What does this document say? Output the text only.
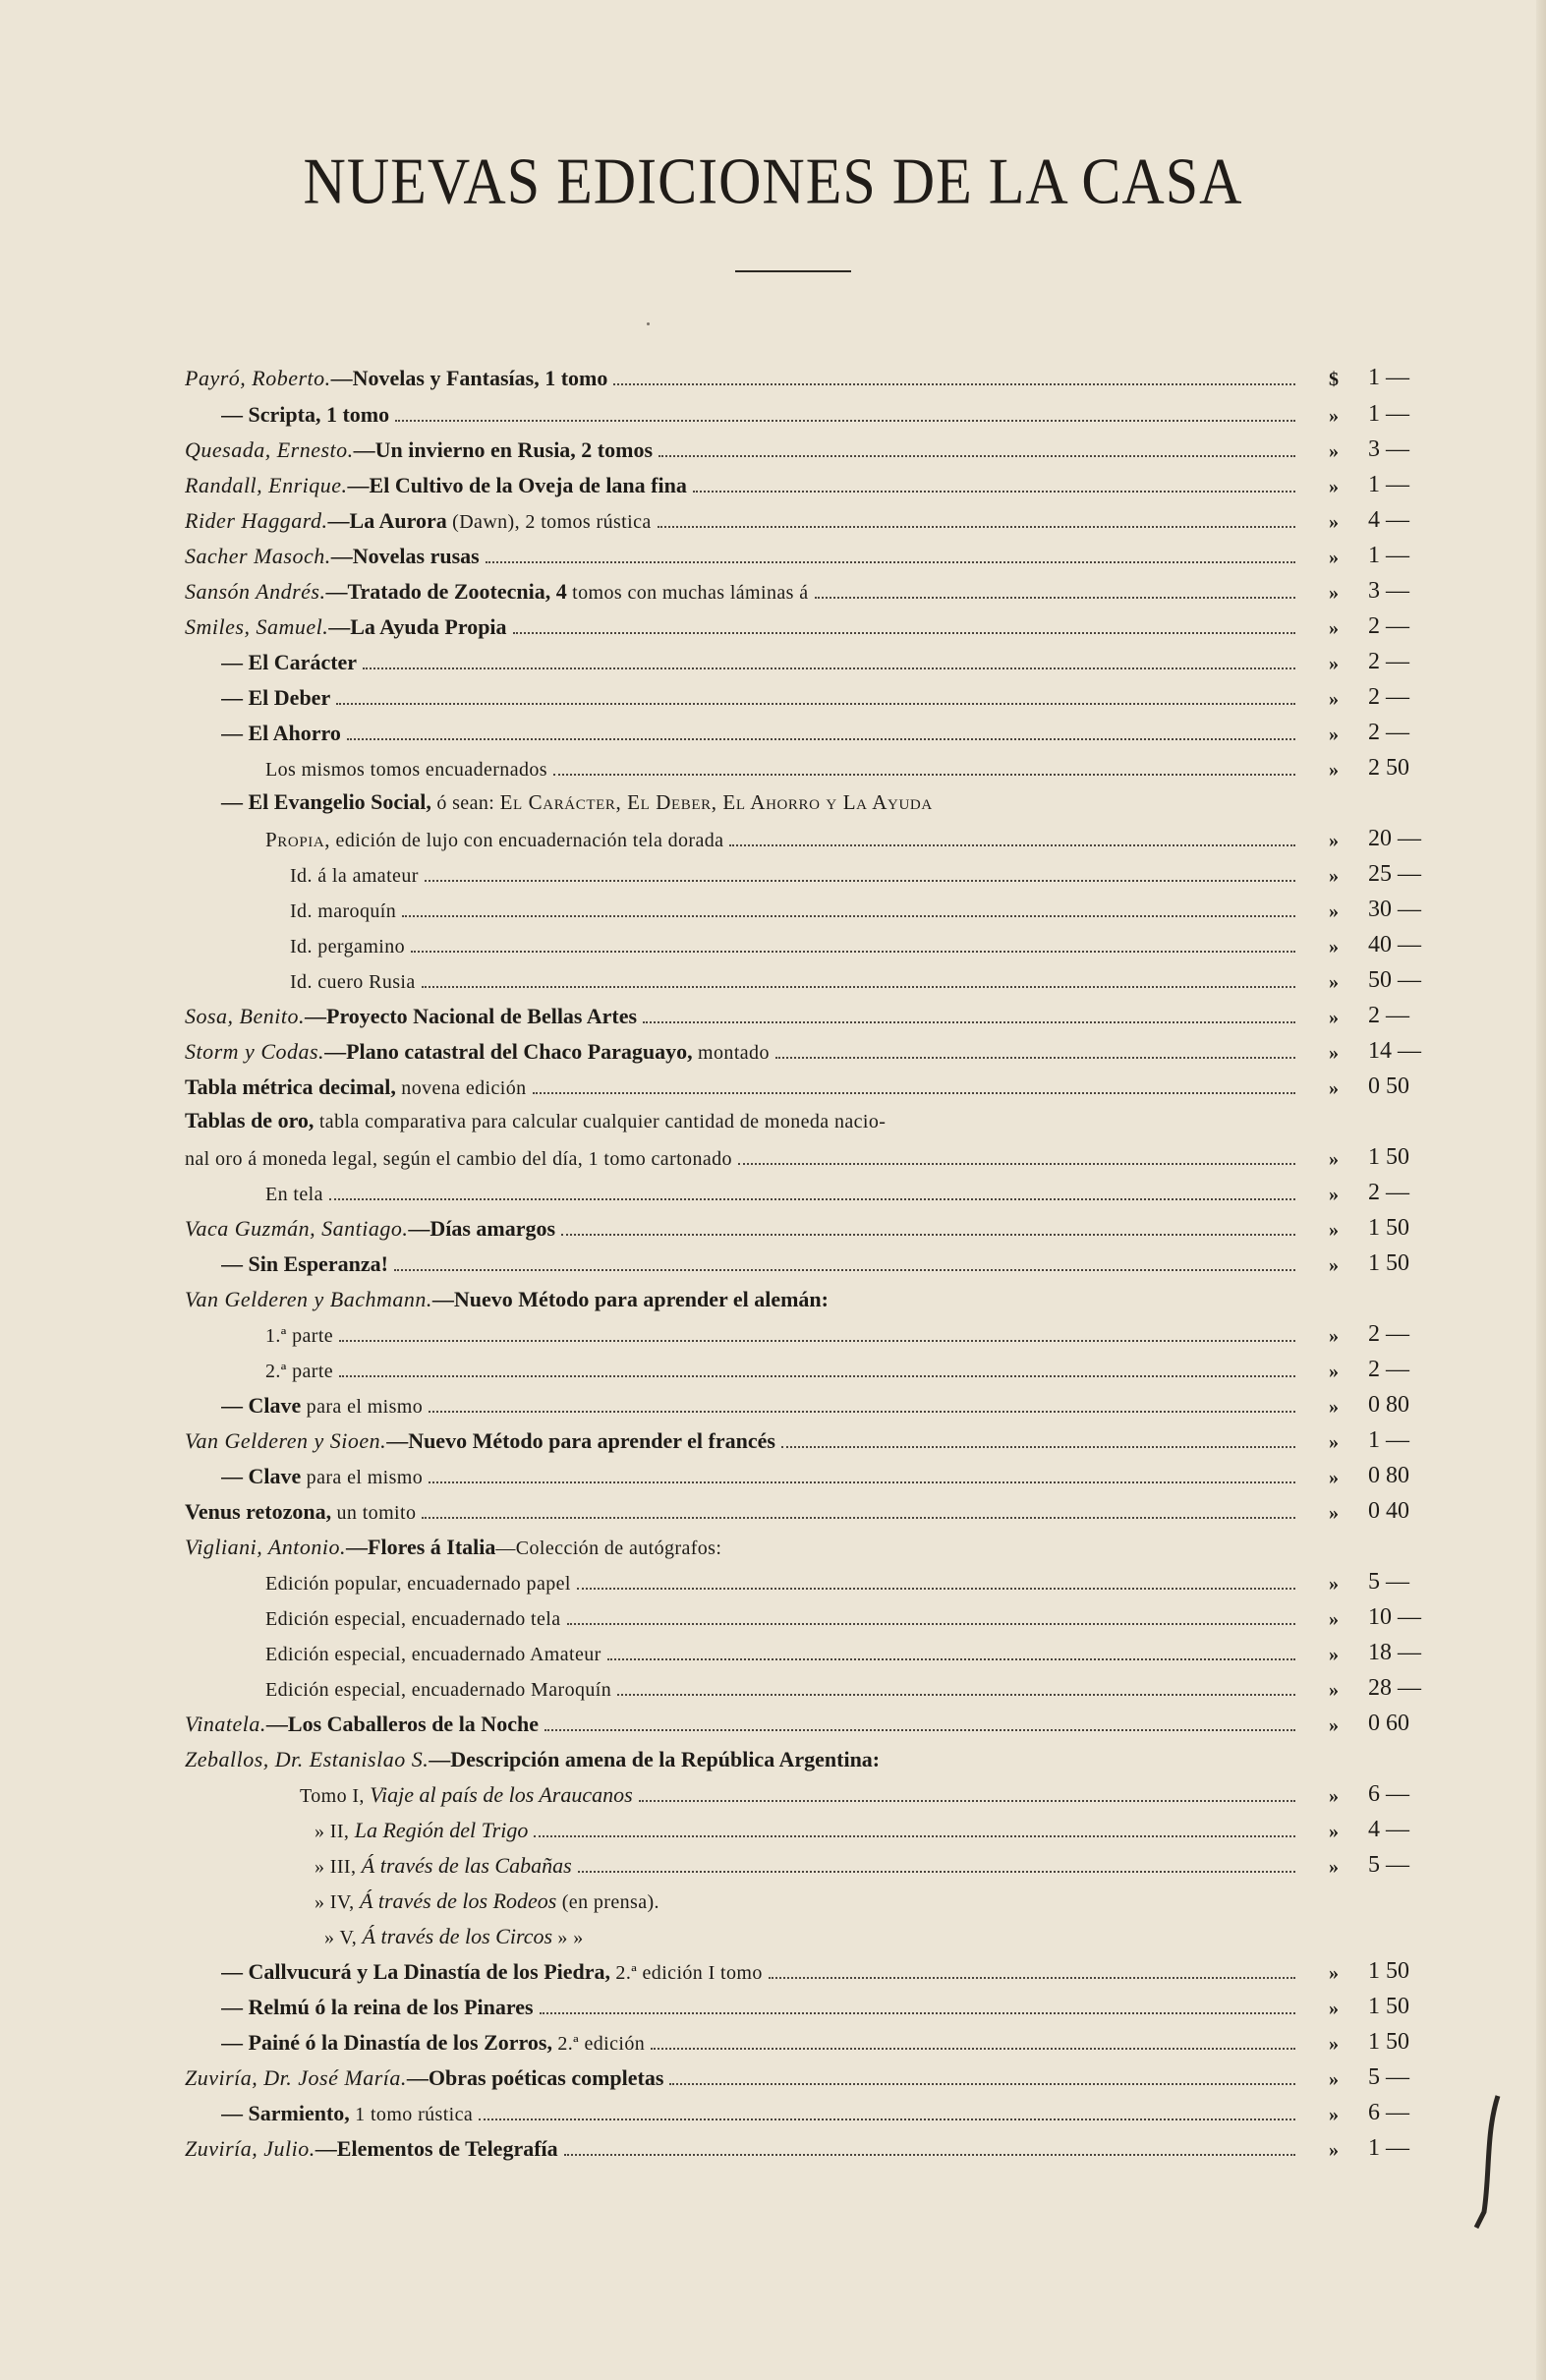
NUEVAS EDICIONES DE LA CASA
Payró, Roberto.—Novelas y Fantasías, 1 tomo	$ 1 —
— Scripta, 1 tomo	» 1 —
Quesada, Ernesto.—Un invierno en Rusia, 2 tomos	» 3 —
Randall, Enrique.—El Cultivo de la Oveja de lana fina	» 1 —
Rider Haggard.—La Aurora (Dawn), 2 tomos rústica	» 4 —
Sacher Masoch.—Novelas rusas	» 1 —
Sansón Andrés.—Tratado de Zootecnia, 4 tomos con muchas láminas á	» 3 —
Smiles, Samuel.—La Ayuda Propia	» 2 —
— El Carácter	» 2 —
— El Deber	» 2 —
— El Ahorro	» 2 —
Los mismos tomos encuadernados	» 2 50
— El Evangelio Social, ó sean: El Carácter, El Deber, El Ahorro y La Ayuda
Propia, edición de lujo con encuadernación tela dorada	» 20 —
Id. á la amateur	» 25 —
Id. maroquín	» 30 —
Id. pergamino	» 40 —
Id. cuero Rusia	» 50 —
Sosa, Benito.—Proyecto Nacional de Bellas Artes	» 2 —
Storm y Codas.—Plano catastral del Chaco Paraguayo, montado	» 14 —
Tabla métrica decimal, novena edición	» 0 50
Tablas de oro, tabla comparativa para calcular cualquier cantidad de moneda nacio-
nal oro á moneda legal, según el cambio del día, 1 tomo cartonado	» 1 50
En tela	» 2 —
Vaca Guzmán, Santiago.—Días amargos	» 1 50
— Sin Esperanza!	» 1 50
Van Gelderen y Bachmann.—Nuevo Método para aprender el alemán:
1.ª parte	» 2 —
2.ª parte	» 2 —
— Clave para el mismo	» 0 80
Van Gelderen y Sioen.—Nuevo Método para aprender el francés	» 1 —
— Clave para el mismo	» 0 80
Venus retozona, un tomito	» 0 40
Vigliani, Antonio.—Flores á Italia—Colección de autógrafos:
Edición popular, encuadernado papel	» 5 —
Edición especial, encuadernado tela	» 10 —
Edición especial, encuadernado Amateur	» 18 —
Edición especial, encuadernado Maroquín	» 28 —
Vinatela.—Los Caballeros de la Noche	» 0 60
Zeballos, Dr. Estanislao S.—Descripción amena de la República Argentina:
Tomo I, Viaje al país de los Araucanos	» 6 —
» II, La Región del Trigo	» 4 —
» III, Á través de las Cabañas	» 5 —
» IV, Á través de los Rodeos (en prensa).
» V, Á través de los Circos » »
— Callvucurá y La Dinastía de los Piedra, 2.ª edición I tomo	» 1 50
— Relmú ó la reina de los Pinares	» 1 50
— Painé ó la Dinastía de los Zorros, 2.ª edición	» 1 50
Zuviría, Dr. José María.—Obras poéticas completas	» 5 —
— Sarmiento, 1 tomo rústica	» 6 —
Zuviría, Julio.—Elementos de Telegrafía	» 1 —
